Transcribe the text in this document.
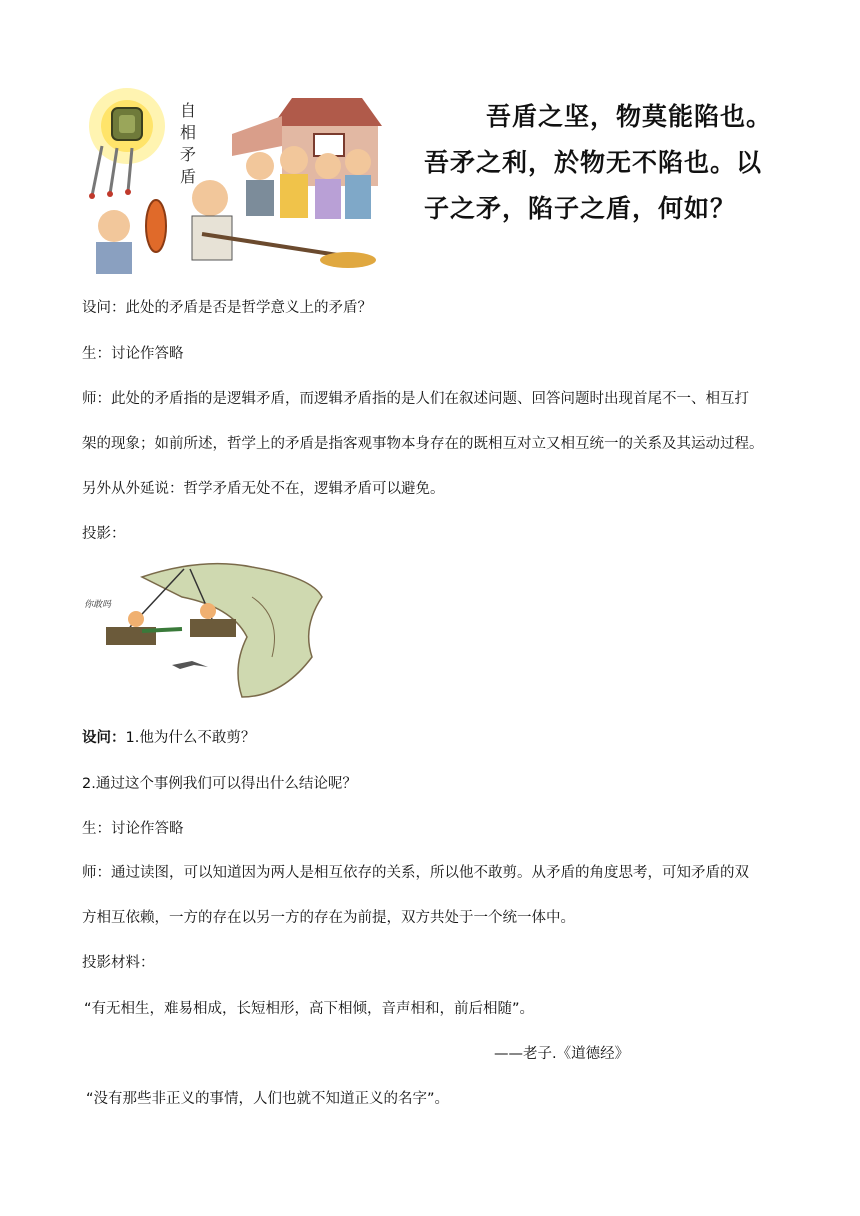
自
相
矛
盾
吾盾之坚，物莫能陷也。
吾矛之利，於物无不陷也。以
子之矛，陷子之盾，何如？
设问：此处的矛盾是否是哲学意义上的矛盾？
生：讨论作答略
师：此处的矛盾指的是逻辑矛盾，而逻辑矛盾指的是人们在叙述问题、回答问题时出现首尾不一、相互打
架的现象；如前所述，哲学上的矛盾是指客观事物本身存在的既相互对立又相互统一的关系及其运动过程。
另外从外延说：哲学矛盾无处不在，逻辑矛盾可以避免。
投影：
你敢吗
设问：1.他为什么不敢剪？
2.通过这个事例我们可以得出什么结论呢？
生：讨论作答略
师：通过读图，可以知道因为两人是相互依存的关系，所以他不敢剪。从矛盾的角度思考，可知矛盾的双
方相互依赖，一方的存在以另一方的存在为前提，双方共处于一个统一体中。
投影材料：
“有无相生，难易相成，长短相形，高下相倾，音声相和，前后相随”。
——老子.《道德经》
“没有那些非正义的事情，人们也就不知道正义的名字”。
